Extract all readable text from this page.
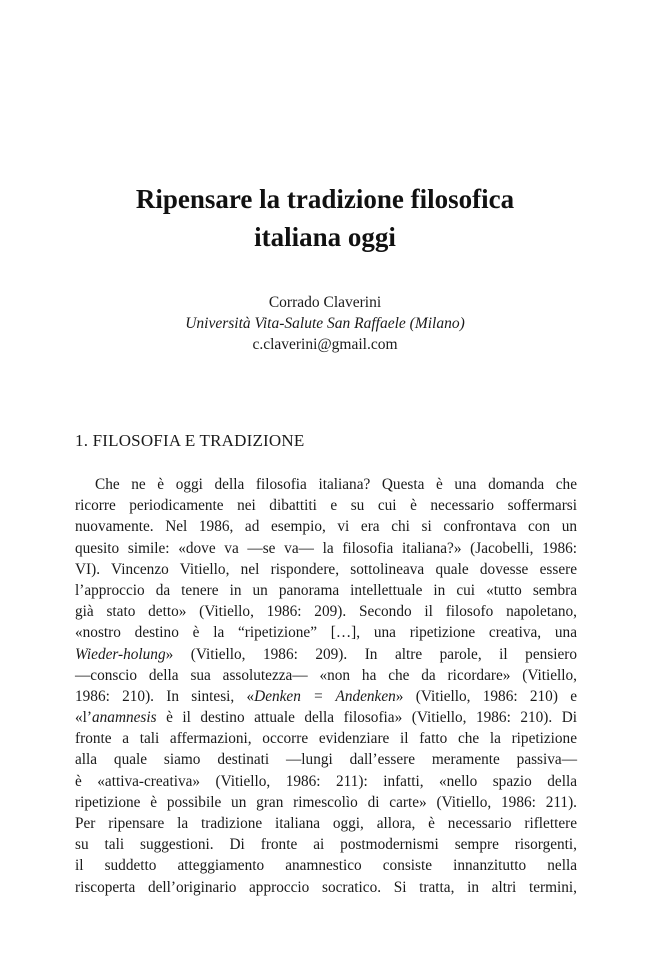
Ripensare la tradizione filosofica
italiana oggi
Corrado Claverini
Università Vita-Salute San Raffaele (Milano)
c.claverini@gmail.com
1. FILOSOFIA E TRADIZIONE
Che ne è oggi della filosofia italiana? Questa è una domanda che
ricorre periodicamente nei dibattiti e su cui è necessario soffermarsi
nuovamente. Nel 1986, ad esempio, vi era chi si confrontava con un
quesito simile: «dove va —se va— la filosofia italiana?» (Jacobelli, 1986:
VI). Vincenzo Vitiello, nel rispondere, sottolineava quale dovesse essere
l’approccio da tenere in un panorama intellettuale in cui «tutto sembra
già stato detto» (Vitiello, 1986: 209). Secondo il filosofo napoletano,
«nostro destino è la “ripetizione” […], una ripetizione creativa, una
Wieder-holung» (Vitiello, 1986: 209). In altre parole, il pensiero
—conscio della sua assolutezza— «non ha che da ricordare» (Vitiello,
1986: 210). In sintesi, «Denken = Andenken» (Vitiello, 1986: 210) e
«l’anamnesis è il destino attuale della filosofia» (Vitiello, 1986: 210). Di
fronte a tali affermazioni, occorre evidenziare il fatto che la ripetizione
alla quale siamo destinati —lungi dall’essere meramente passiva—
è «attiva-creativa» (Vitiello, 1986: 211): infatti, «nello spazio della
ripetizione è possibile un gran rimescolìo di carte» (Vitiello, 1986: 211).
Per ripensare la tradizione italiana oggi, allora, è necessario riflettere
su tali suggestioni. Di fronte ai postmodernismi sempre risorgenti,
il suddetto atteggiamento anamnestico consiste innanzitutto nella
riscoperta dell’originario approccio socratico. Si tratta, in altri termini,
